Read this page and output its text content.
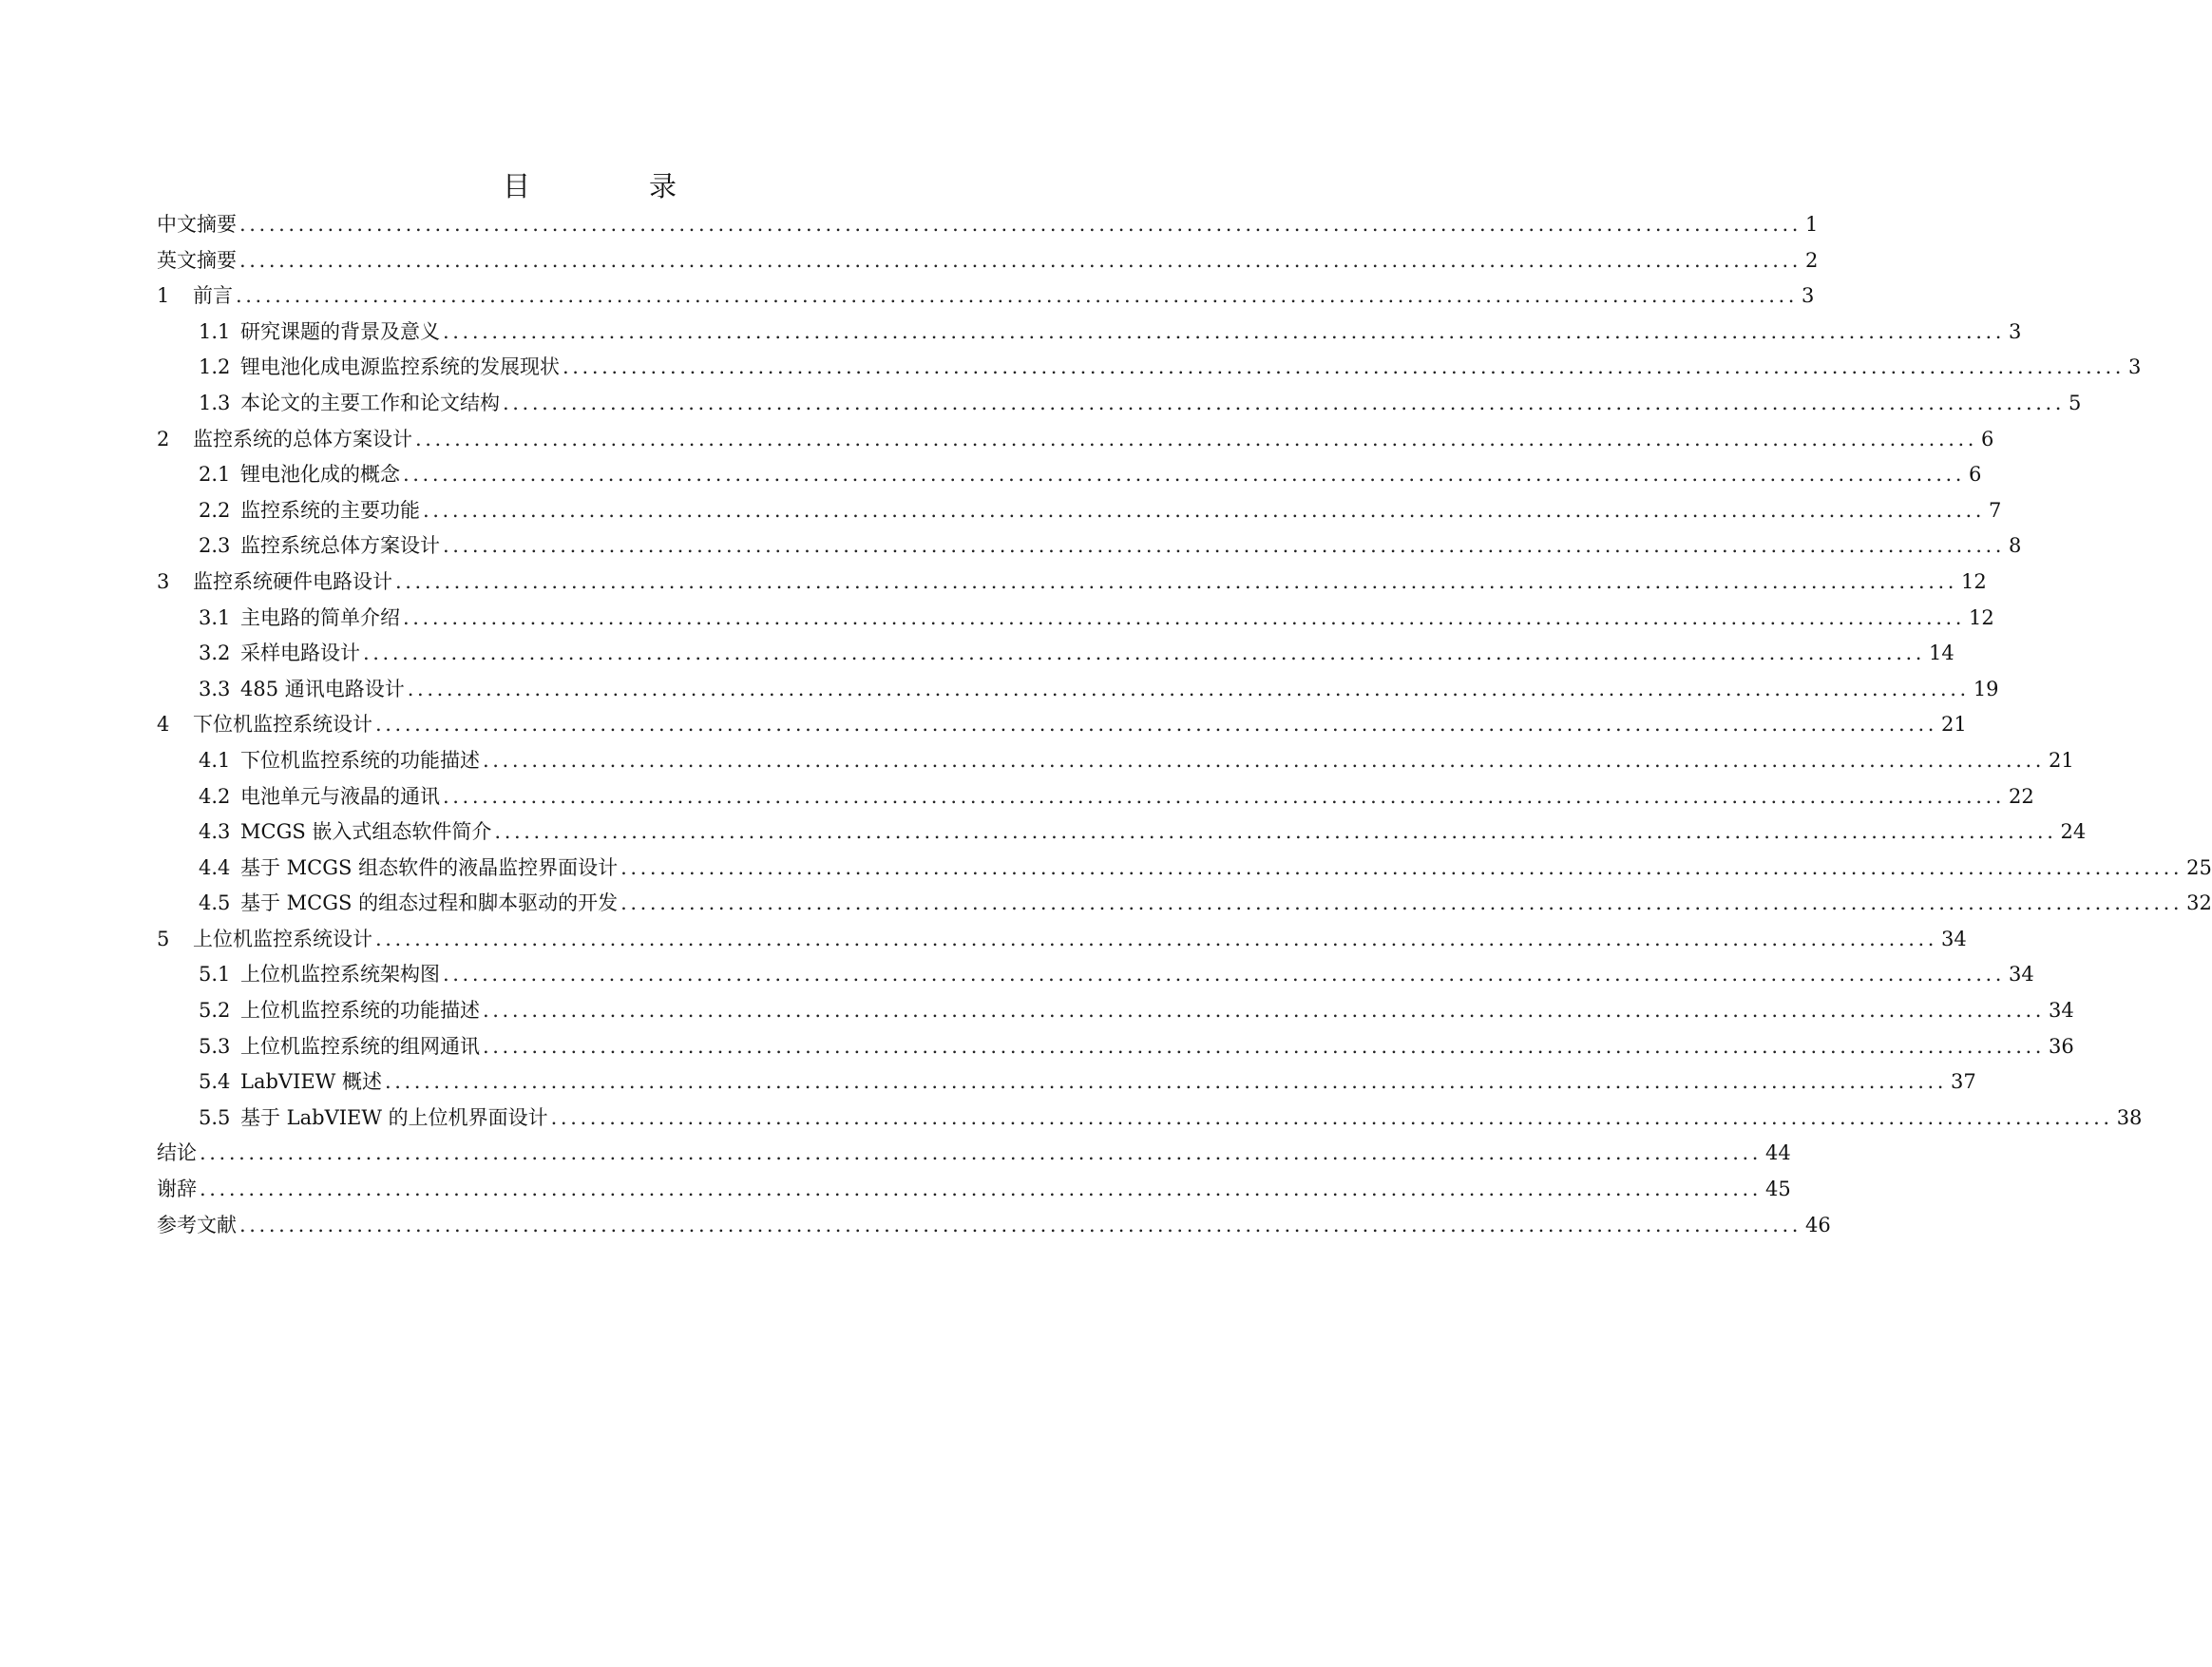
目　录
中文摘要 ................................................................................................................................................................ 1
英文摘要 ................................................................................................................................................................ 2
1	前言 ................................................................................................................................................................ 3
1.1 研究课题的背景及意义 ................................................................................................................................................................ 3
1.2 锂电池化成电源监控系统的发展现状 ................................................................................................................................................................ 3
1.3 本论文的主要工作和论文结构 ................................................................................................................................................................ 5
2	监控系统的总体方案设计 ................................................................................................................................................................ 6
2.1 锂电池化成的概念 ................................................................................................................................................................ 6
2.2 监控系统的主要功能 ................................................................................................................................................................ 7
2.3 监控系统总体方案设计 ................................................................................................................................................................ 8
3	监控系统硬件电路设计 ................................................................................................................................................................ 12
3.1 主电路的简单介绍 ................................................................................................................................................................ 12
3.2 采样电路设计 ................................................................................................................................................................ 14
3.3 485 通讯电路设计 ................................................................................................................................................................ 19
4	下位机监控系统设计 ................................................................................................................................................................ 21
4.1 下位机监控系统的功能描述 ................................................................................................................................................................ 21
4.2 电池单元与液晶的通讯 ................................................................................................................................................................ 22
4.3 MCGS 嵌入式组态软件简介 ................................................................................................................................................................ 24
4.4 基于 MCGS 组态软件的液晶监控界面设计 ................................................................................................................................................................ 25
4.5 基于 MCGS 的组态过程和脚本驱动的开发 ................................................................................................................................................................ 32
5	上位机监控系统设计 ................................................................................................................................................................ 34
5.1 上位机监控系统架构图 ................................................................................................................................................................ 34
5.2 上位机监控系统的功能描述 ................................................................................................................................................................ 34
5.3 上位机监控系统的组网通讯 ................................................................................................................................................................ 36
5.4 LabVIEW 概述 ................................................................................................................................................................ 37
5.5 基于 LabVIEW 的上位机界面设计 ................................................................................................................................................................ 38
结论 ................................................................................................................................................................ 44
谢辞 ................................................................................................................................................................ 45
参考文献 ................................................................................................................................................................ 46
